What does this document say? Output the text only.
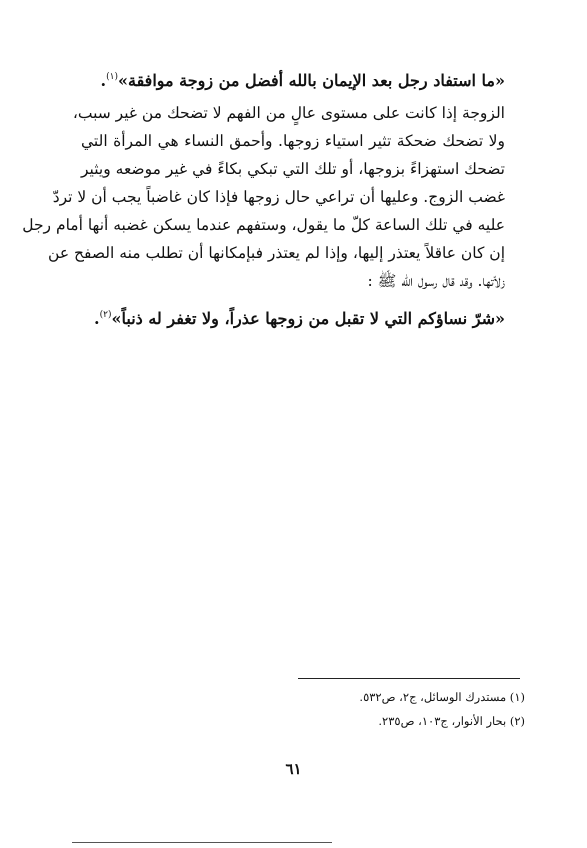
«ما استفاد رجل بعد الإيمان بالله أفضل من زوجة موافقة»$^{(١)}$.
الزوجة إذا كانت على مستوى عالٍ من الفهم لا تضحك من غير سبب،
ولا تضحك ضحكة تثير استياء زوجها. وأحمق النساء هي المرأة التي
تضحك استهزاءً بزوجها، أو تلك التي تبكي بكاءً في غير موضعه ويثير
غضب الزوج. وعليها أن تراعي حال زوجها فإذا كان غاضباً يجب أن لا تردّ
عليه في تلك الساعة كلّ ما يقول، وستفهم عندما يسكن غضبه أنها أمام رجل
إن كان عاقلاً يعتذر إليها، وإذا لم يعتذر فبإمكانها أن تطلب منه الصفح عن
زلاّتها. وقد قال رسول الله ﷺ :
«شرّ نساؤكم التي لا تقبل من زوجها عذراً، ولا تغفر له ذنباً»$^{(٢)}$.
(١) مستدرك الوسائل، ج٢، ص٥٣٢.
(٢) بحار الأنوار، ج١٠٣، ص٢٣٥.
٦١
